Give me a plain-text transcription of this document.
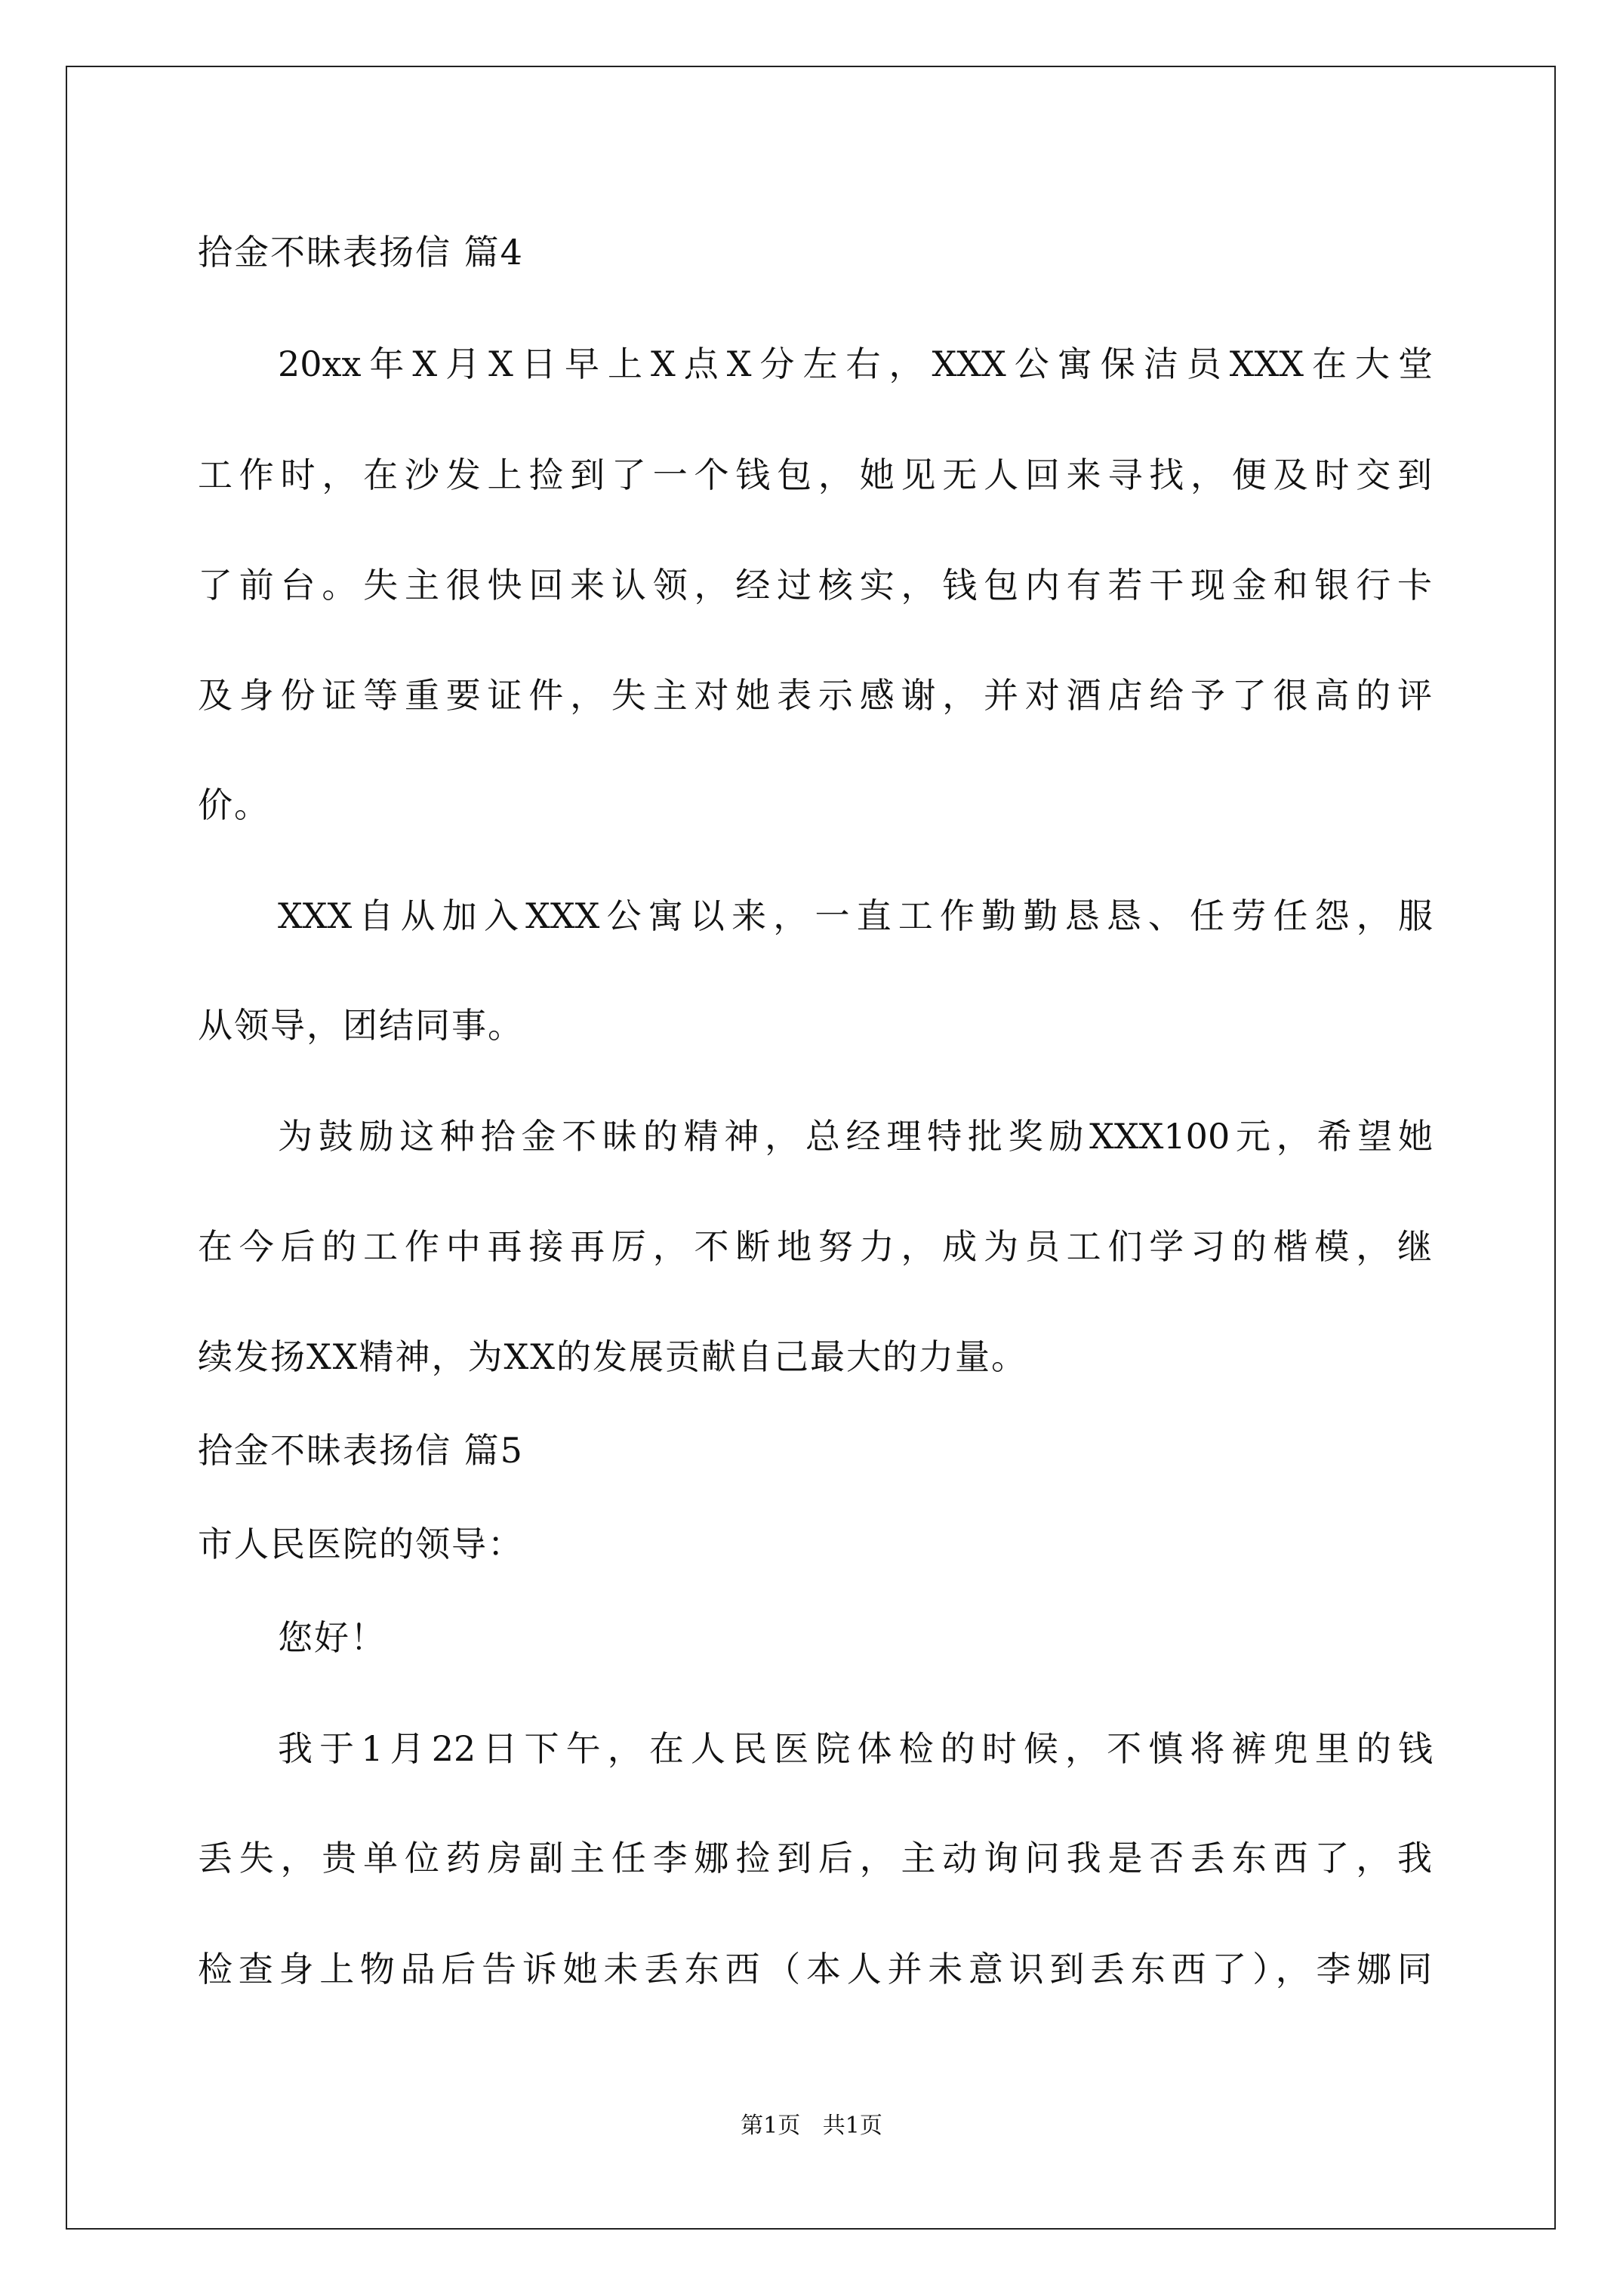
拾金不昧表扬信 篇4
20xx年X月X日早上X点X分左右，XXX公寓保洁员XXX在大堂
工作时，在沙发上捡到了一个钱包，她见无人回来寻找，便及时交到
了前台。失主很快回来认领，经过核实，钱包内有若干现金和银行卡
及身份证等重要证件，失主对她表示感谢，并对酒店给予了很高的评
价。
XXX自从加入XXX公寓以来，一直工作勤勤恳恳、任劳任怨，服
从领导，团结同事。
为鼓励这种拾金不昧的精神，总经理特批奖励XXX100元，希望她
在今后的工作中再接再厉，不断地努力，成为员工们学习的楷模，继
续发扬XX精神，为XX的发展贡献自己最大的力量。
拾金不昧表扬信 篇5
市人民医院的领导：
您好！
我于1月22日下午，在人民医院体检的时候，不慎将裤兜里的钱
丢失，贵单位药房副主任李娜捡到后，主动询问我是否丢东西了，我
检查身上物品后告诉她未丢东西（本人并未意识到丢东西了），李娜同
第1页 共1页
